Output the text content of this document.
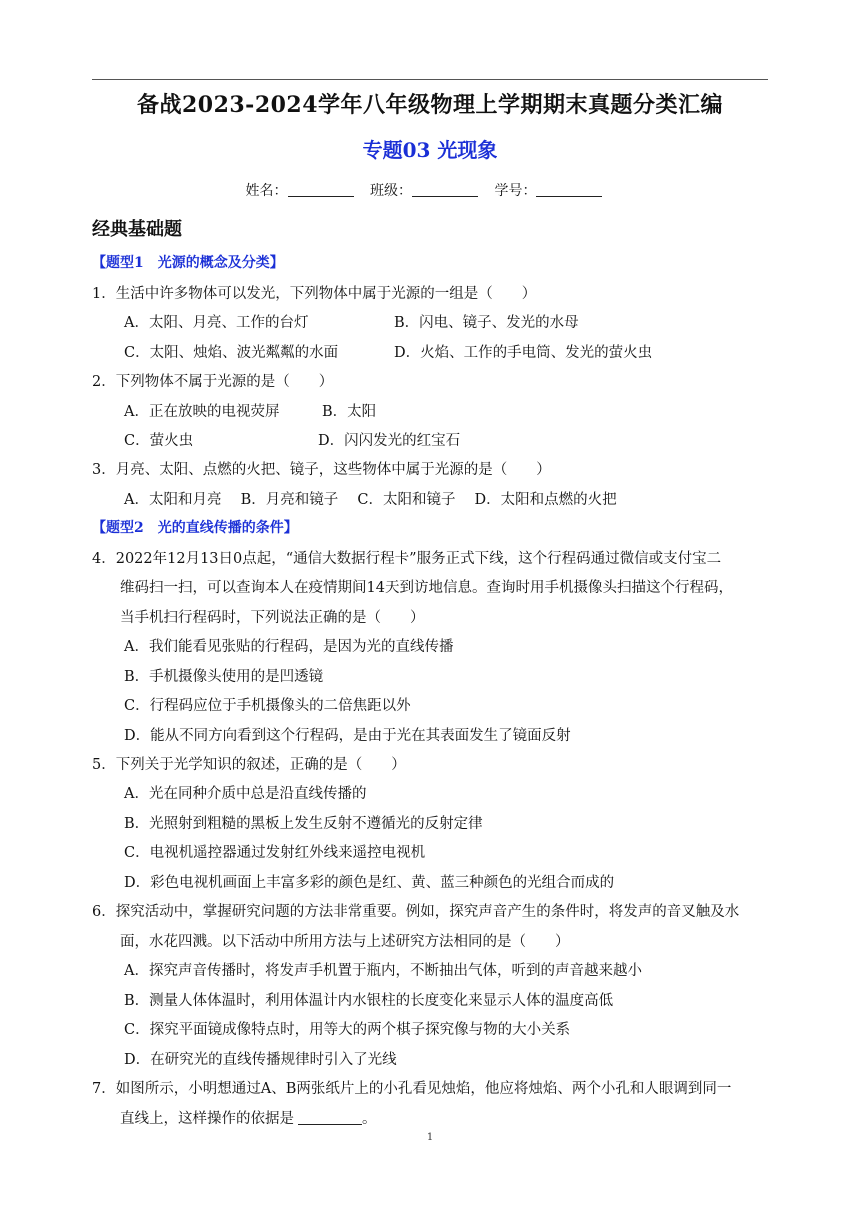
备战2023-2024学年八年级物理上学期期末真题分类汇编
专题03 光现象
姓名：	班级：	学号：
经典基础题
【题型1　光源的概念及分类】
1．生活中许多物体可以发光，下列物体中属于光源的一组是（　　）
A．太阳、月亮、工作的台灯	B．闪电、镜子、发光的水母
C．太阳、烛焰、波光粼粼的水面	D．火焰、工作的手电筒、发光的萤火虫
2．下列物体不属于光源的是（　　）
A．正在放映的电视荧屏	B．太阳
C．萤火虫	D．闪闪发光的红宝石
3．月亮、太阳、点燃的火把、镜子，这些物体中属于光源的是（　　）
A．太阳和月亮　 B．月亮和镜子　 C．太阳和镜子　 D．太阳和点燃的火把
【题型2　光的直线传播的条件】
4．2022年12月13日0点起，“通信大数据行程卡”服务正式下线，这个行程码通过微信或支付宝二
维码扫一扫，可以查询本人在疫情期间14天到访地信息。查询时用手机摄像头扫描这个行程码，
当手机扫行程码时，下列说法正确的是（　　）
A．我们能看见张贴的行程码，是因为光的直线传播
B．手机摄像头使用的是凹透镜
C．行程码应位于手机摄像头的二倍焦距以外
D．能从不同方向看到这个行程码，是由于光在其表面发生了镜面反射
5．下列关于光学知识的叙述，正确的是（　　）
A．光在同种介质中总是沿直线传播的
B．光照射到粗糙的黑板上发生反射不遵循光的反射定律
C．电视机遥控器通过发射红外线来遥控电视机
D．彩色电视机画面上丰富多彩的颜色是红、黄、蓝三种颜色的光组合而成的
6．探究活动中，掌握研究问题的方法非常重要。例如，探究声音产生的条件时，将发声的音叉触及水
面，水花四溅。以下活动中所用方法与上述研究方法相同的是（　　）
A．探究声音传播时，将发声手机置于瓶内，不断抽出气体，听到的声音越来越小
B．测量人体体温时，利用体温计内水银柱的长度变化来显示人体的温度高低
C．探究平面镜成像特点时，用等大的两个棋子探究像与物的大小关系
D．在研究光的直线传播规律时引入了光线
7．如图所示，小明想通过A、B两张纸片上的小孔看见烛焰，他应将烛焰、两个小孔和人眼调到同一
直线上，这样操作的依据是	。
1
